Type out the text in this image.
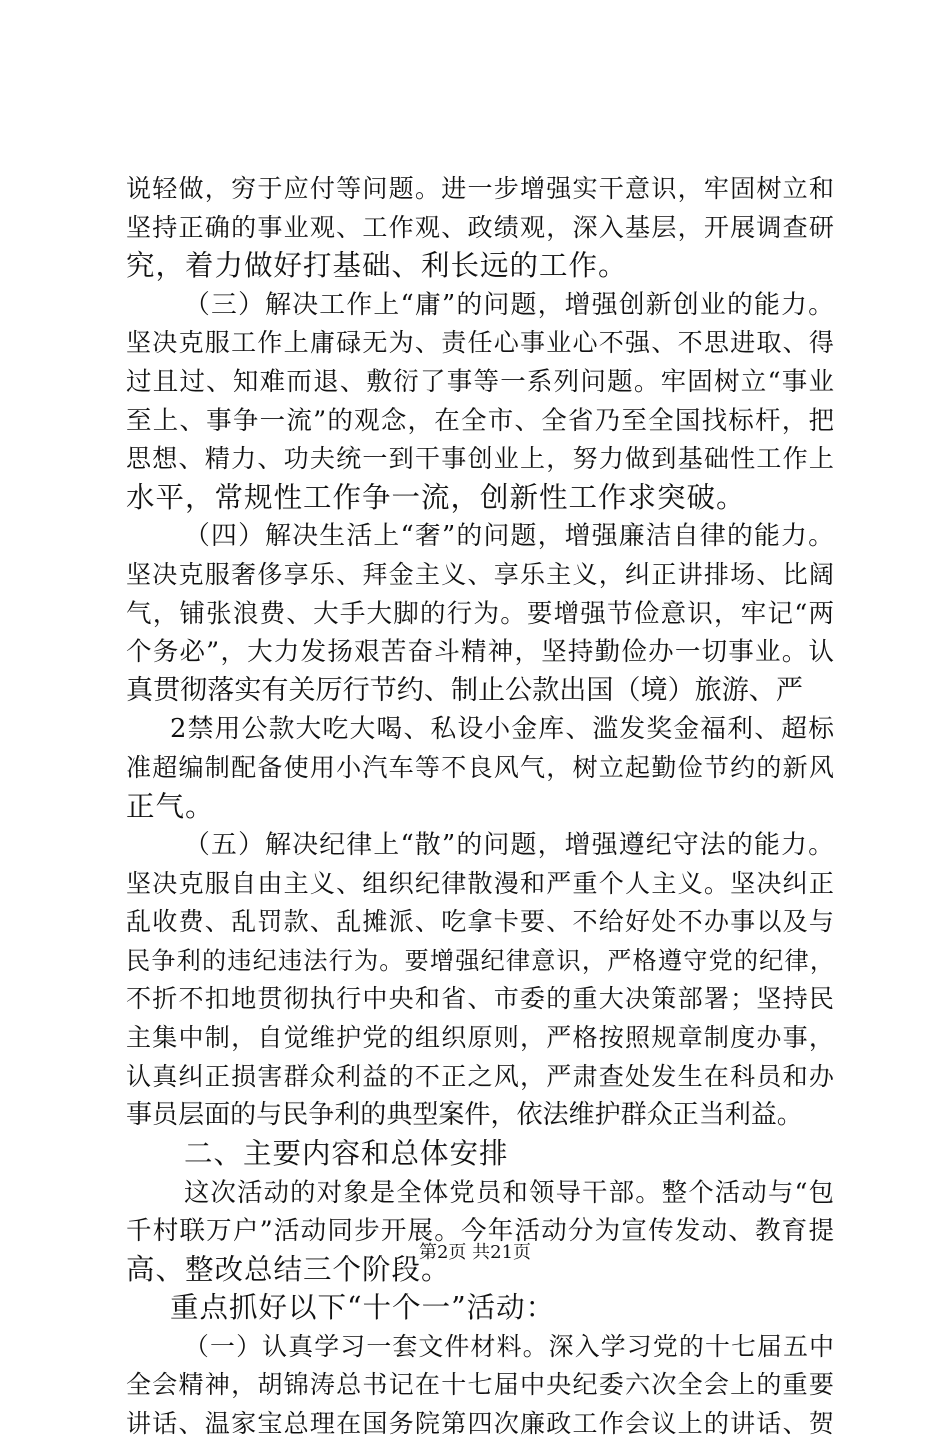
说轻做，穷于应付等问题。进一步增强实干意识，牢固树立和
坚持正确的事业观、工作观、政绩观，深入基层，开展调查研
究，着力做好打基础、利长远的工作。
（三）解决工作上“庸”的问题，增强创新创业的能力。
坚决克服工作上庸碌无为、责任心事业心不强、不思进取、得
过且过、知难而退、敷衍了事等一系列问题。牢固树立“事业
至上、事争一流”的观念，在全市、全省乃至全国找标杆，把
思想、精力、功夫统一到干事创业上，努力做到基础性工作上
水平，常规性工作争一流，创新性工作求突破。
（四）解决生活上“奢”的问题，增强廉洁自律的能力。
坚决克服奢侈享乐、拜金主义、享乐主义，纠正讲排场、比阔
气，铺张浪费、大手大脚的行为。要增强节俭意识，牢记“两
个务必”，大力发扬艰苦奋斗精神，坚持勤俭办一切事业。认
真贯彻落实有关厉行节约、制止公款出国（境）旅游、严
2禁用公款大吃大喝、私设小金库、滥发奖金福利、超标
准超编制配备使用小汽车等不良风气，树立起勤俭节约的新风
正气。
（五）解决纪律上“散”的问题，增强遵纪守法的能力。
坚决克服自由主义、组织纪律散漫和严重个人主义。坚决纠正
乱收费、乱罚款、乱摊派、吃拿卡要、不给好处不办事以及与
民争利的违纪违法行为。要增强纪律意识，严格遵守党的纪律，
不折不扣地贯彻执行中央和省、市委的重大决策部署；坚持民
主集中制，自觉维护党的组织原则，严格按照规章制度办事，
认真纠正损害群众利益的不正之风，严肃查处发生在科员和办
事员层面的与民争利的典型案件，依法维护群众正当利益。
二、主要内容和总体安排
这次活动的对象是全体党员和领导干部。整个活动与“包
千村联万户”活动同步开展。今年活动分为宣传发动、教育提
高、整改总结三个阶段。
重点抓好以下“十个一”活动：
（一）认真学习一套文件材料。深入学习党的十七届五中
全会精神，胡锦涛总书记在十七届中央纪委六次全会上的重要
讲话、温家宝总理在国务院第四次廉政工作会议上的讲话、贺
第2页 共21页
